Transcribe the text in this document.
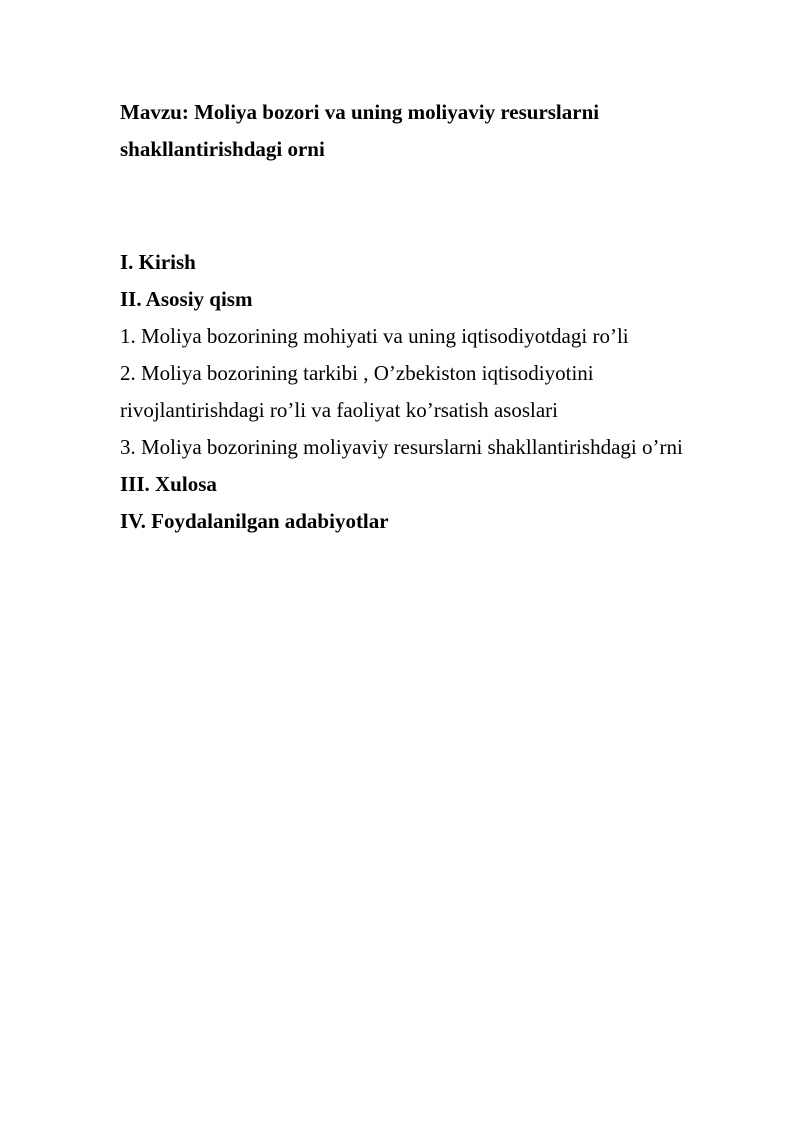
Mavzu: Moliya bozori va uning moliyaviy resurslarni
shakllantirishdagi orni

I. Kirish

II. Asosiy qism

1. Moliya bozorining mohiyati va uning iqtisodiyotdagi ro’li

2. Moliya bozorining tarkibi , O’zbekiston iqtisodiyotini

rivojlantirishdagi ro’li va faoliyat ko’rsatish asoslari

3. Moliya bozorining moliyaviy resurslarni shakllantirishdagi o’rni

III. Xulosa

IV. Foydalanilgan adabiyotlar
